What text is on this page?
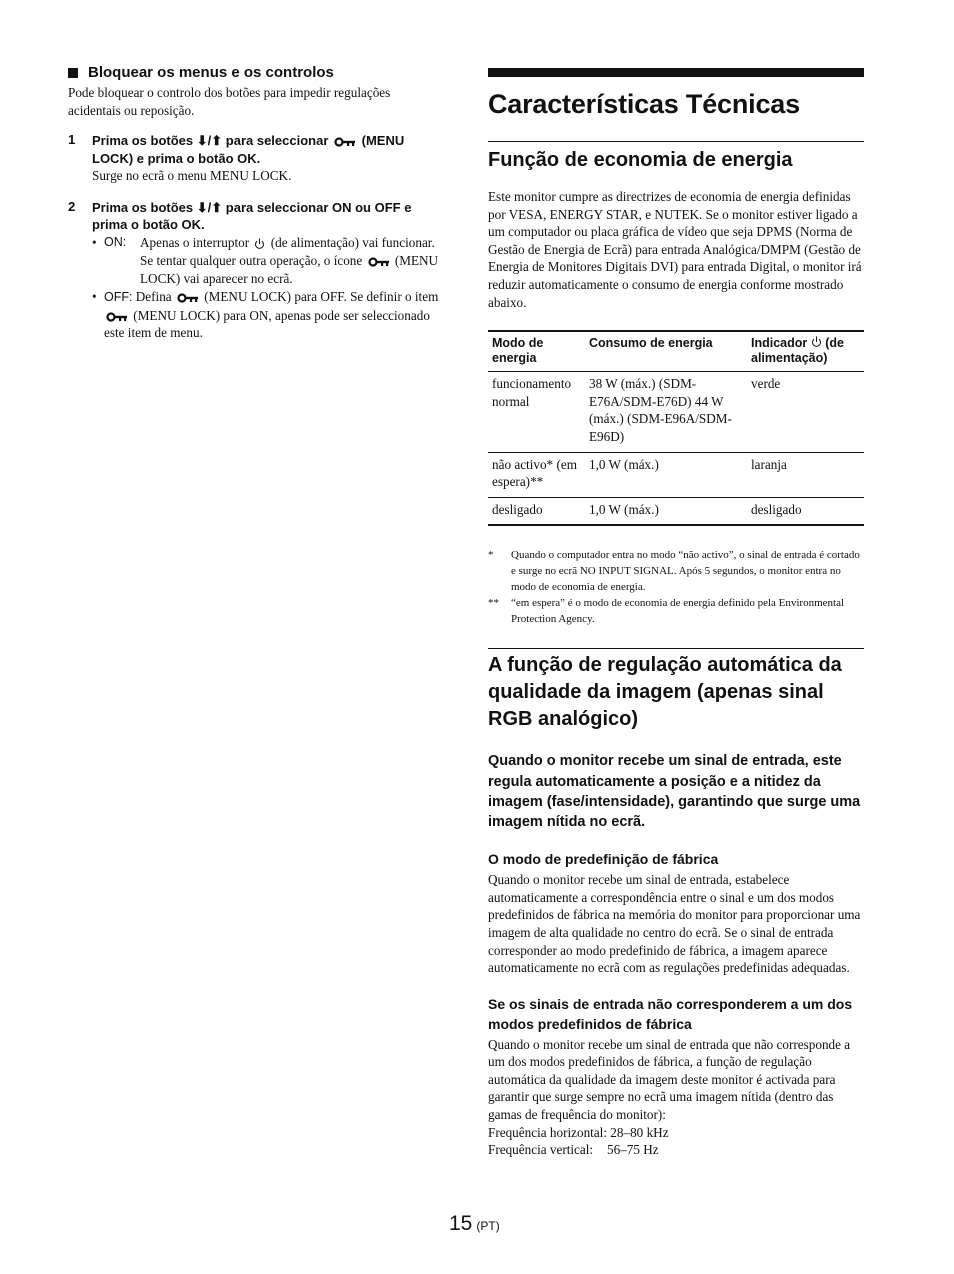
Bloquear os menus e os controlos

Pode bloquear o controlo dos botões para impedir regulações acidentais ou reposição.

1	Prima os botões ⬇/⬆ para seleccionar  (MENU LOCK) e prima o botão OK.
Surge no ecrã o menu MENU LOCK.
2	Prima os botões ⬇/⬆ para seleccionar ON ou OFF e prima o botão OK.
• ON:	Apenas o interruptor  (de alimentação) vai funcionar. Se tentar qualquer outra operação, o ícone  (MENU LOCK) vai aparecer no ecrã.
• OFF: Defina  (MENU LOCK) para OFF. Se definir o item  (MENU LOCK) para ON, apenas pode ser seleccionado este item de menu.
Características Técnicas
Função de economia de energia

Este monitor cumpre as directrizes de economia de energia definidas por VESA, ENERGY STAR, e NUTEK. Se o monitor estiver ligado a um computador ou placa gráfica de vídeo que seja DPMS (Norma de Gestão de Energia de Ecrã) para entrada Analógica/DMPM (Gestão de Energia de Monitores Digitais DVI) para entrada Digital, o monitor irá reduzir automaticamente o consumo de energia conforme mostrado abaixo.

Modo de energia	Consumo de energia	Indicador (de alimentação)
funcionamento normal	38 W (máx.) (SDM-E76A/SDM-E76D) 44 W (máx.) (SDM-E96A/SDM-E96D)	verde
não activo* (em espera)**	1,0 W (máx.)	laranja
desligado	1,0 W (máx.)	desligado
*	Quando o computador entra no modo “não activo”, o sinal de entrada é cortado e surge no ecrã NO INPUT SIGNAL. Após 5 segundos, o monitor entra no modo de economia de energia.
**	“em espera” é o modo de economia de energia definido pela Environmental Protection Agency.
A função de regulação automática da qualidade da imagem (apenas sinal RGB analógico)

Quando o monitor recebe um sinal de entrada, este regula automaticamente a posição e a nitidez da imagem (fase/intensidade), garantindo que surge uma imagem nítida no ecrã.

O modo de predefinição de fábrica

Quando o monitor recebe um sinal de entrada, estabelece automaticamente a correspondência entre o sinal e um dos modos predefinidos de fábrica na memória do monitor para proporcionar uma imagem de alta qualidade no centro do ecrã. Se o sinal de entrada corresponder ao modo predefinido de fábrica, a imagem aparece automaticamente no ecrã com as regulações predefinidas adequadas.

Se os sinais de entrada não corresponderem a um dos modos predefinidos de fábrica

Quando o monitor recebe um sinal de entrada que não corresponde a um dos modos predefinidos de fábrica, a função de regulação automática da qualidade da imagem deste monitor é activada para garantir que surge sempre no ecrã uma imagem nítida (dentro das gamas de frequência do monitor):

Frequência horizontal: 28–80 kHz
Frequência vertical: 56–75 Hz
15 (PT)
